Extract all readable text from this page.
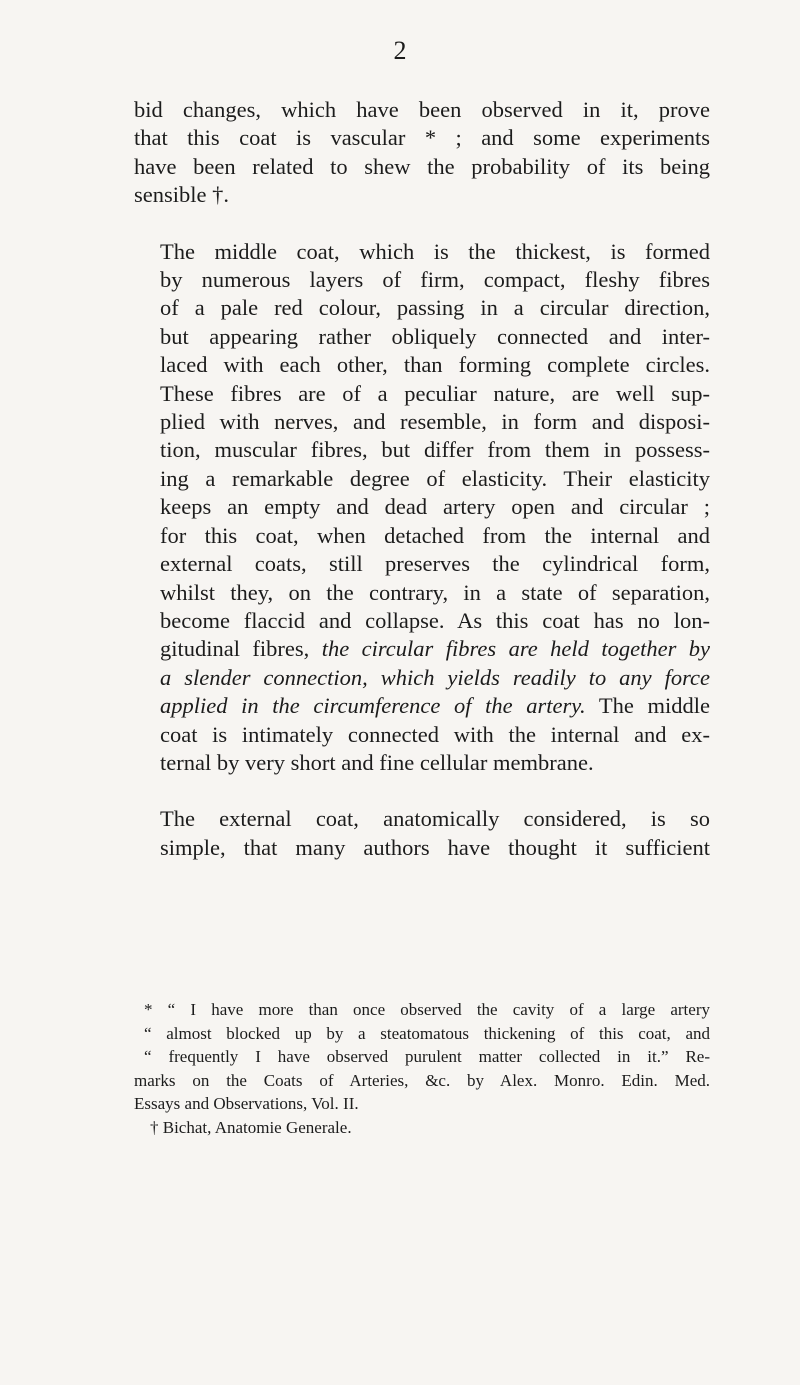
2

bid changes, which have been observed in it, prove
that this coat is vascular * ; and some experiments
have been related to shew the probability of its being
sensible †.

The middle coat, which is the thickest, is formed
by numerous layers of firm, compact, fleshy fibres
of a pale red colour, passing in a circular direction,
but appearing rather obliquely connected and inter-
laced with each other, than forming complete circles.
These fibres are of a peculiar nature, are well sup-
plied with nerves, and resemble, in form and disposi-
tion, muscular fibres, but differ from them in possess-
ing a remarkable degree of elasticity. Their elasticity
keeps an empty and dead artery open and circular ;
for this coat, when detached from the internal and
external coats, still preserves the cylindrical form,
whilst they, on the contrary, in a state of separation,
become flaccid and collapse. As this coat has no lon-
gitudinal fibres, the circular fibres are held together by
a slender connection, which yields readily to any force
applied in the circumference of the artery. The middle
coat is intimately connected with the internal and ex-
ternal by very short and fine cellular membrane.

The external coat, anatomically considered, is so
simple, that many authors have thought it sufficient

* “ I have more than once observed the cavity of a large artery
“ almost blocked up by a steatomatous thickening of this coat, and
“ frequently I have observed purulent matter collected in it.” Re-
marks on the Coats of Arteries, &c. by Alex. Monro. Edin. Med.
Essays and Observations, Vol. II.

† Bichat, Anatomie Generale.
